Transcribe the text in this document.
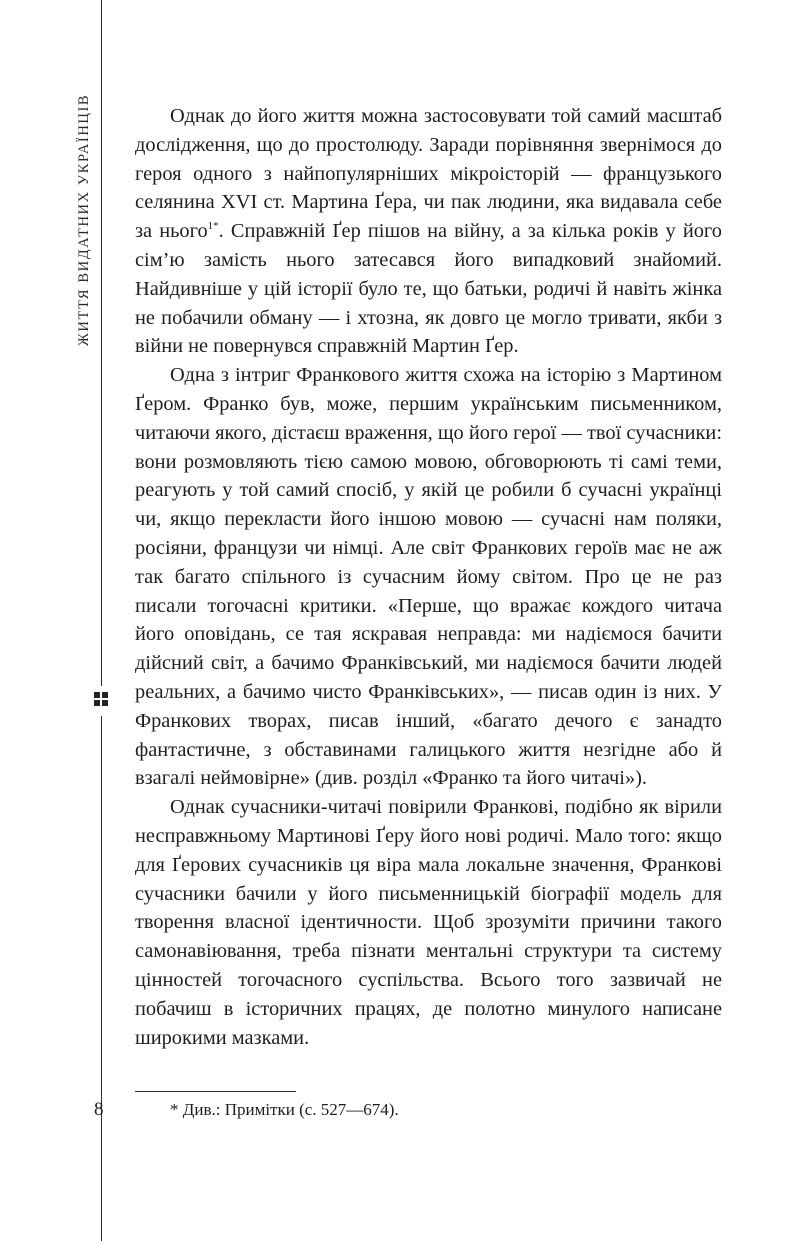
ЖИТТЯ ВИДАТНИХ УКРАЇНЦІВ	Однак до його життя можна застосовувати той самий масштаб дослідження, що до простолюду. Заради порівняння звернімося до героя одного з найпопулярніших мікроісторій — французького селянина XVI ст. Мартина Ґера, чи пак людини, яка видавала себе за нього$^{1*}$. Справжній Ґер пішов на війну, а за кілька років у його сім’ю замість нього затесався його випадковий знайомий. Найдивніше у цій історії було те, що батьки, родичі й навіть жінка не побачили обману — і хтозна, як довго це могло тривати, якби з війни не повернувся справжній Мартин Ґер.

Одна з інтриг Франкового життя схожа на історію з Мартином Ґером. Франко був, може, першим українським письменником, читаючи якого, дістаєш враження, що його герої — твої сучасники: вони розмовляють тією самою мовою, обговорюють ті самі теми, реагують у той самий спосіб, у якій це робили б сучасні українці чи, якщо перекласти його іншою мовою — сучасні нам поляки, росіяни, французи чи німці. Але світ Франкових героїв має не аж так багато спільного із сучасним йому світом. Про це не раз писали тогочасні критики. «Перше, що вражає кождого читача його оповідань, се тая яскравая неправда: ми надіємося бачити дійсний світ, а бачимо Франківський, ми надіємося бачити людей реальних, а бачимо чисто Франківських», — писав один із них. У Франкових творах, писав інший, «багато дечого є занадто фантастичне, з обставинами галицького життя незгідне або й взагалі неймовірне» (див. розділ «Франко та його читачі»).

Однак сучасники-читачі повірили Франкові, подібно як вірили несправжньому Мартинові Ґеру його нові родичі. Мало того: якщо для Ґерових сучасників ця віра мала локальне значення, Франкові сучасники бачили у його письменницькій біографії модель для творення власної ідентичности. Щоб зрозуміти причини такого самонавіювання, треба пізнати ментальні структури та систему цінностей тогочасного суспільства. Всього того зазвичай не побачиш в історичних працях, де полотно минулого написане широкими мазками.

8	* Див.: Примітки (с. 527—674).
